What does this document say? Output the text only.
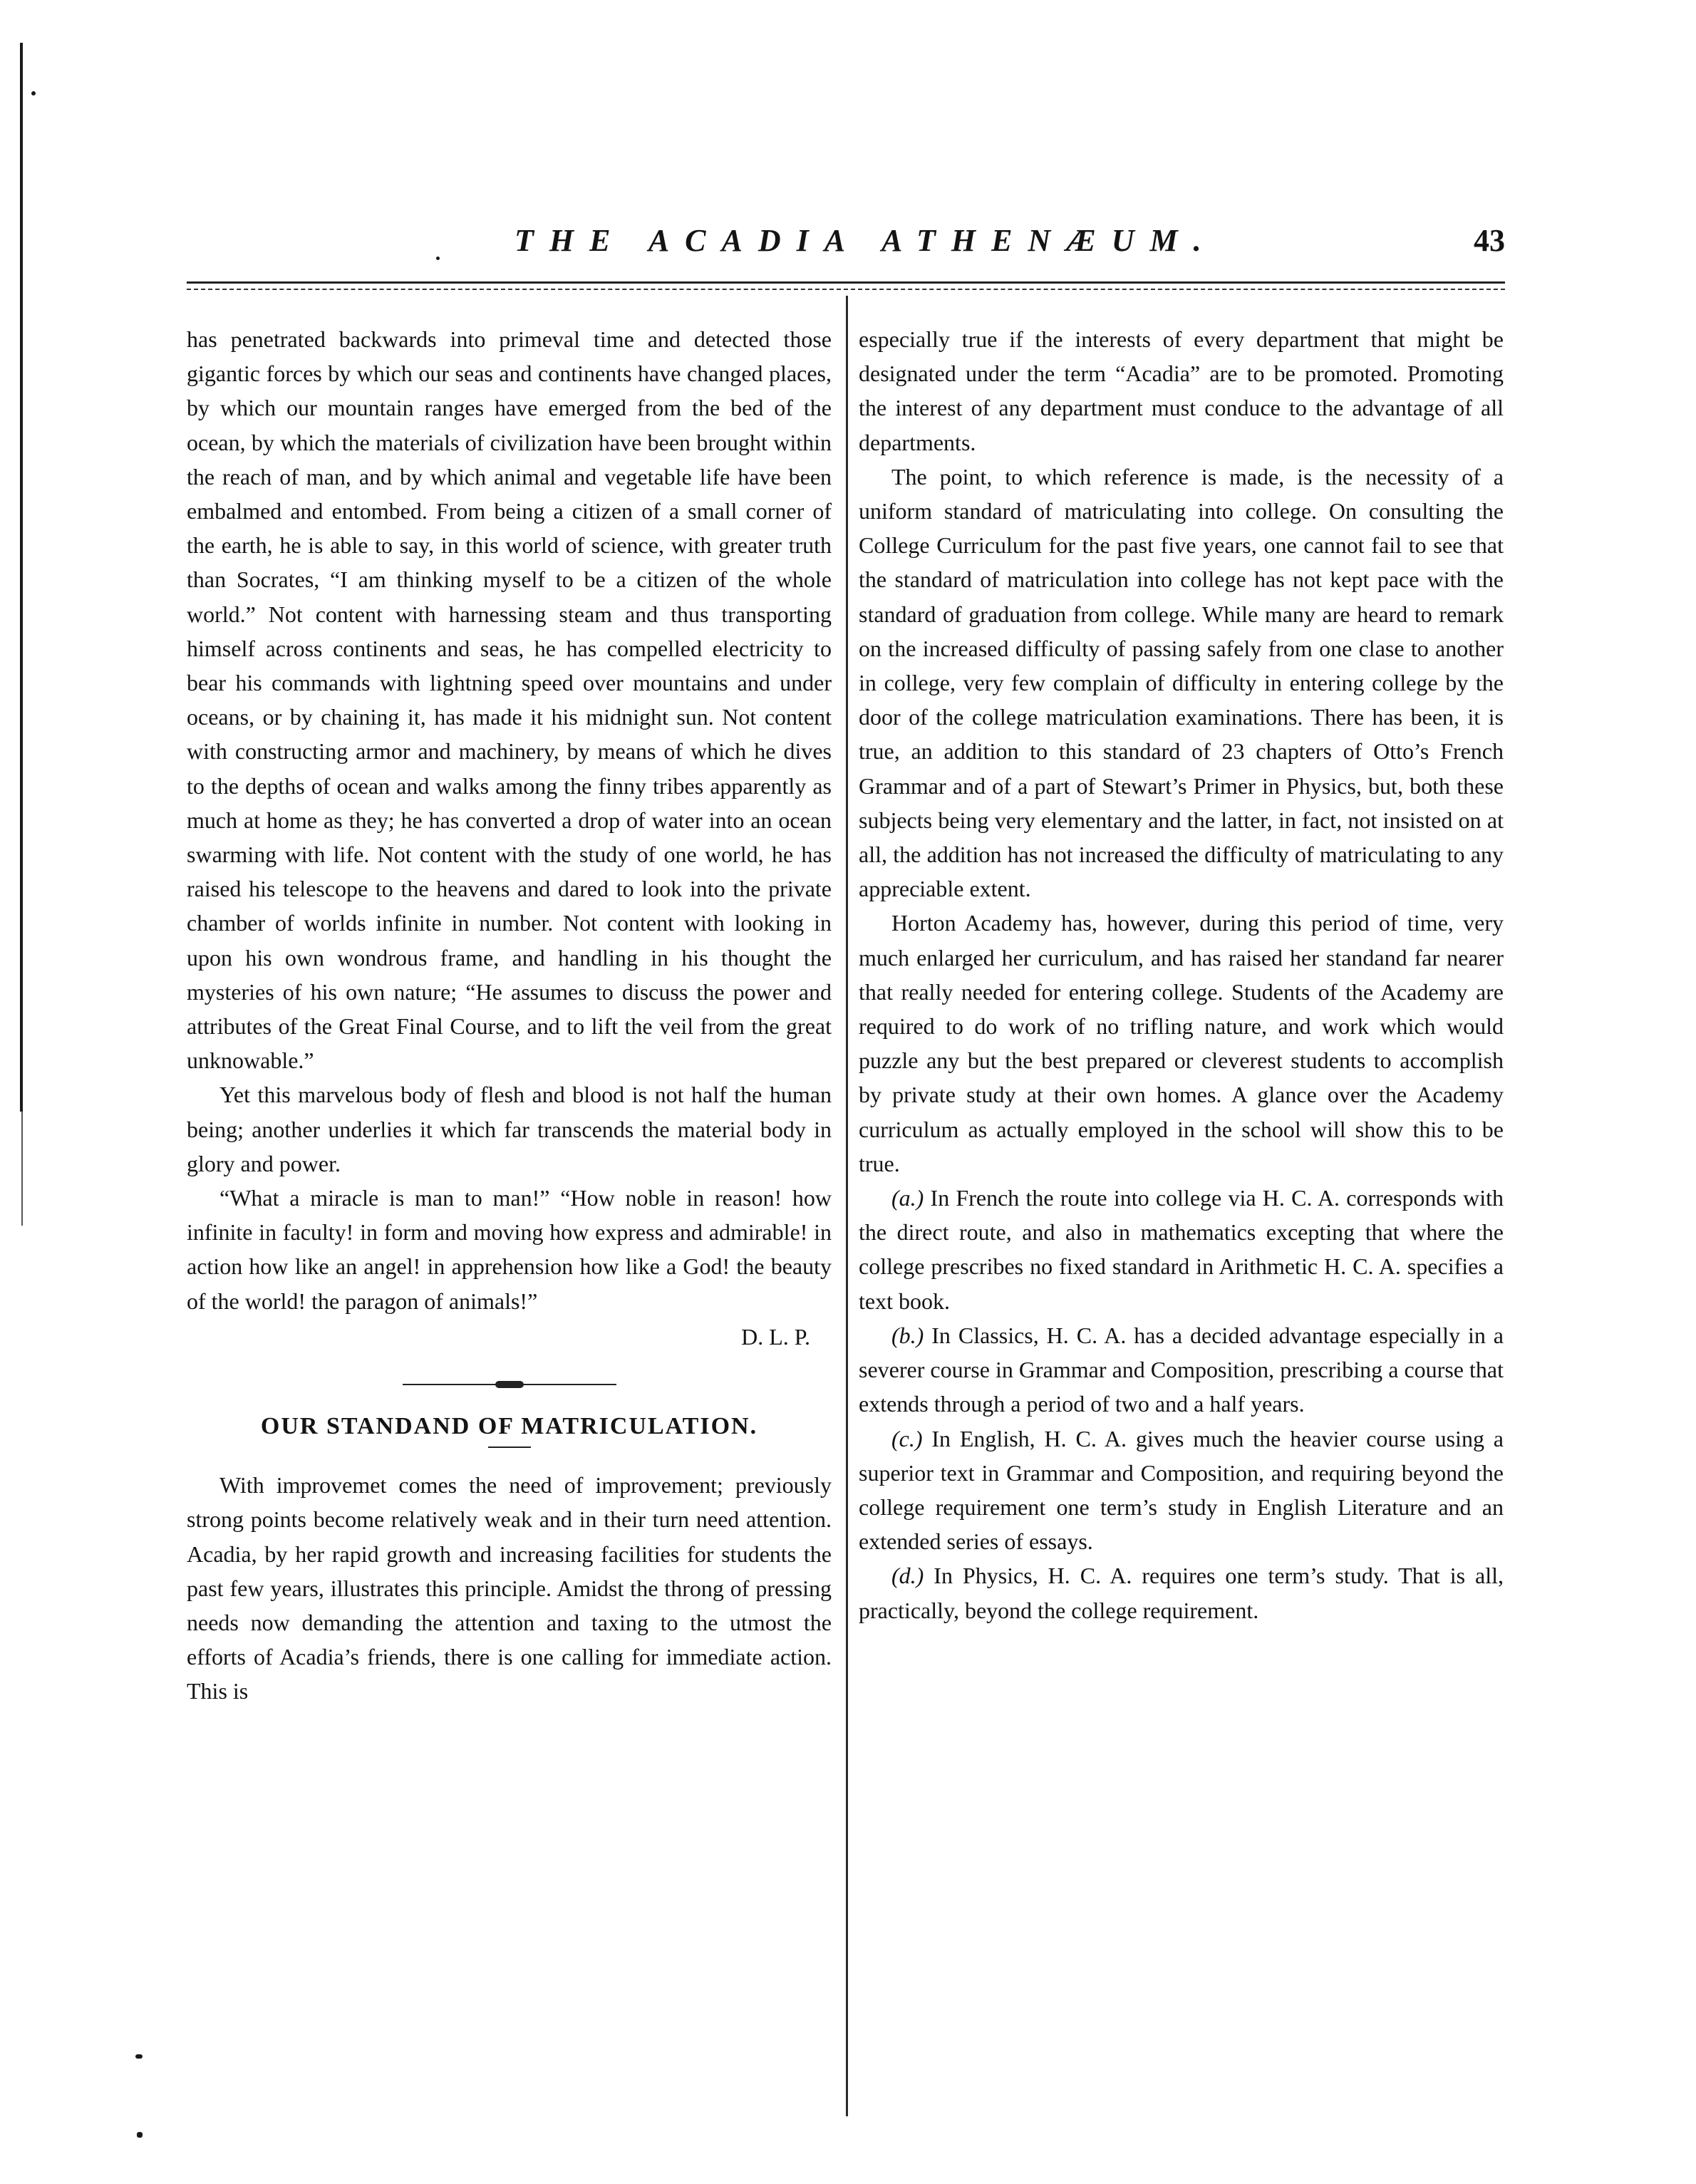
THE ACADIA ATHENÆUM.	43

has penetrated backwards into primeval time and detected those gigantic forces by which our seas and continents have changed places, by which our mountain ranges have emerged from the bed of the ocean, by which the materials of civilization have been brought within the reach of man, and by which animal and vegetable life have been embalmed and entombed. From being a citizen of a small corner of the earth, he is able to say, in this world of science, with greater truth than Socrates, “I am thinking myself to be a citizen of the whole world.” Not content with harnessing steam and thus transporting himself across continents and seas, he has compelled electricity to bear his commands with lightning speed over mountains and under oceans, or by chaining it, has made it his midnight sun. Not content with constructing armor and machinery, by means of which he dives to the depths of ocean and walks among the finny tribes apparently as much at home as they; he has converted a drop of water into an ocean swarming with life. Not content with the study of one world, he has raised his telescope to the heavens and dared to look into the private chamber of worlds infinite in number. Not content with looking in upon his own wondrous frame, and handling in his thought the mysteries of his own nature; “He assumes to discuss the power and attributes of the Great Final Course, and to lift the veil from the great unknowable.”

Yet this marvelous body of flesh and blood is not half the human being; another underlies it which far transcends the material body in glory and power.

“What a miracle is man to man!” “How noble in reason! how infinite in faculty! in form and moving how express and admirable! in action how like an angel! in apprehension how like a God! the beauty of the world! the paragon of animals!”

D. L. P.
OUR STANDAND OF MATRICULATION.

With improvemet comes the need of improvement; previously strong points become relatively weak and in their turn need attention. Acadia, by her rapid growth and increasing facilities for students the past few years, illustrates this principle. Amidst the throng of pressing needs now demanding the attention and taxing to the utmost the efforts of Acadia’s friends, there is one calling for immediate action. This is

especially true if the interests of every department that might be designated under the term “Acadia” are to be promoted. Promoting the interest of any department must conduce to the advantage of all departments.

The point, to which reference is made, is the necessity of a uniform standard of matriculating into college. On consulting the College Curriculum for the past five years, one cannot fail to see that the standard of matriculation into college has not kept pace with the standard of graduation from college. While many are heard to remark on the increased difficulty of passing safely from one clase to another in college, very few complain of difficulty in entering college by the door of the college matriculation examinations. There has been, it is true, an addition to this standard of 23 chapters of Otto’s French Grammar and of a part of Stewart’s Primer in Physics, but, both these subjects being very elementary and the latter, in fact, not insisted on at all, the addition has not increased the difficulty of matriculating to any appreciable extent.

Horton Academy has, however, during this period of time, very much enlarged her curriculum, and has raised her standand far nearer that really needed for entering college. Students of the Academy are required to do work of no trifling nature, and work which would puzzle any but the best prepared or cleverest students to accomplish by private study at their own homes. A glance over the Academy curriculum as actually employed in the school will show this to be true.

(a.) In French the route into college via H. C. A. corresponds with the direct route, and also in mathematics excepting that where the college prescribes no fixed standard in Arithmetic H. C. A. specifies a text book.

(b.) In Classics, H. C. A. has a decided advantage especially in a severer course in Grammar and Composition, prescribing a course that extends through a period of two and a half years.

(c.) In English, H. C. A. gives much the heavier course using a superior text in Grammar and Composition, and requiring beyond the college requirement one term’s study in English Literature and an extended series of essays.

(d.) In Physics, H. C. A. requires one term’s study. That is all, practically, beyond the college requirement.
